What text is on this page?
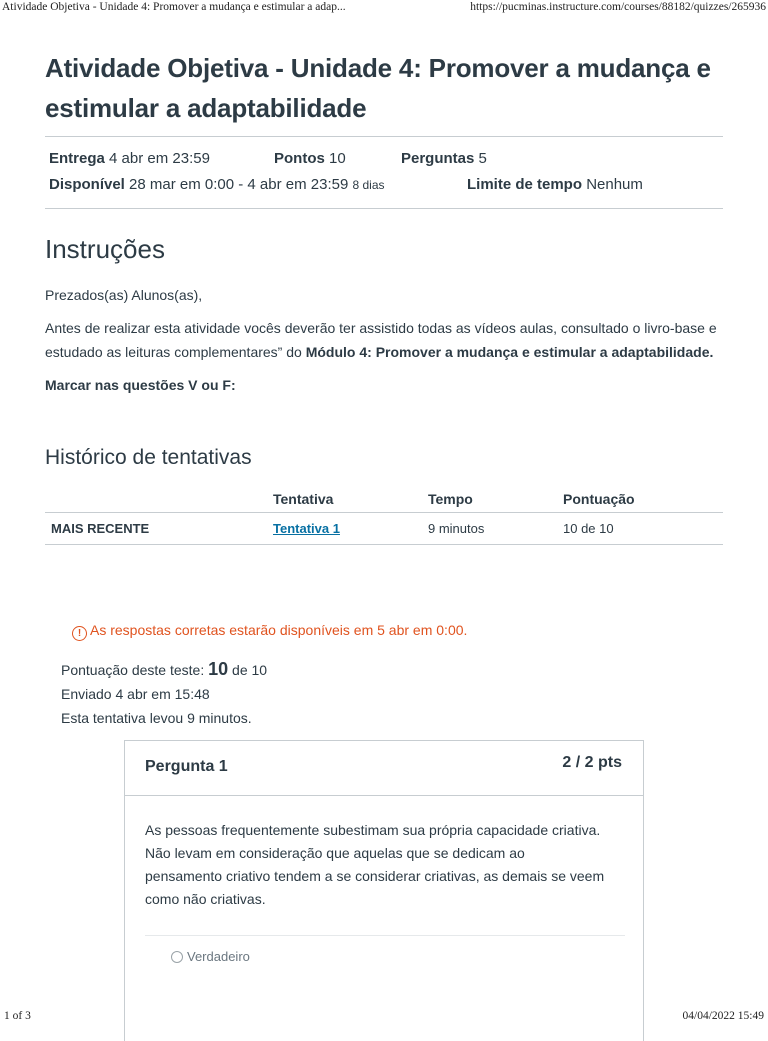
Atividade Objetiva - Unidade 4: Promover a mudança e estimular a adap...	https://pucminas.instructure.com/courses/88182/quizzes/265936
Atividade Objetiva - Unidade 4: Promover a mudança e estimular a adaptabilidade
Entrega 4 abr em 23:59	Pontos 10	Perguntas 5
Disponível 28 mar em 0:00 - 4 abr em 23:59 8 dias	Limite de tempo Nenhum
Instruções

Prezados(as) Alunos(as),

Antes de realizar esta atividade vocês deverão ter assistido todas as vídeos aulas, consultado o livro-base e estudado as leituras complementares” do Módulo 4: Promover a mudança e estimular a adaptabilidade.

Marcar nas questões V ou F:

Histórico de tentativas
	Tentativa	Tempo	Pontuação
MAIS RECENTE	Tentativa 1	9 minutos	10 de 10
! As respostas corretas estarão disponíveis em 5 abr em 0:00.
Pontuação deste teste: 10 de 10
Enviado 4 abr em 15:48
Esta tentativa levou 9 minutos.
Pergunta 1	2 / 2 pts
As pessoas frequentemente subestimam sua própria capacidade criativa. Não levam em consideração que aquelas que se dedicam ao pensamento criativo tendem a se considerar criativas, as demais se veem como não criativas.
Verdadeiro
1 of 3	04/04/2022 15:49
